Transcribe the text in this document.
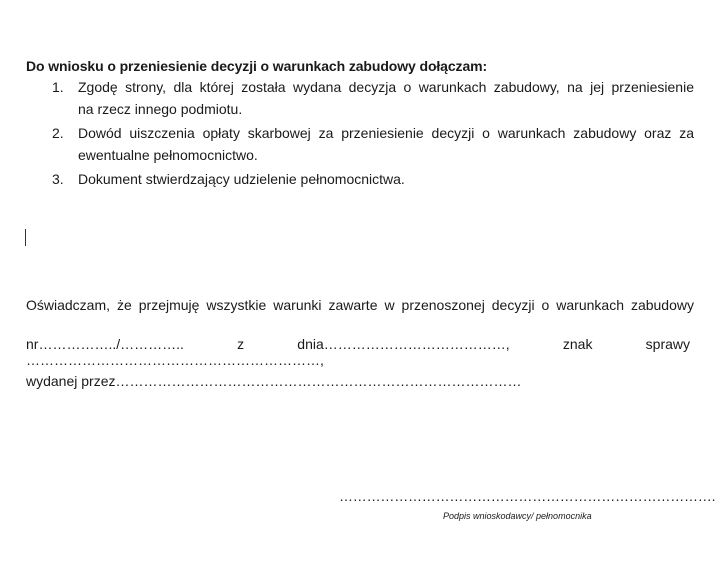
Do wniosku o przeniesienie decyzji o warunkach zabudowy dołączam:
1. Zgodę strony, dla której została wydana decyzja o warunkach zabudowy, na jej przeniesienie
na rzecz innego podmiotu.
2. Dowód uiszczenia opłaty skarbowej za przeniesienie decyzji o warunkach zabudowy oraz za
ewentualne pełnomocnictwo.
3. Dokument stwierdzający udzielenie pełnomocnictwa.
Oświadczam, że przejmuję wszystkie warunki zawarte w przenoszonej decyzji o warunkach zabudowy
nr……………../………….. z dnia…………………………………, znak sprawy ………………………………………………………,
wydanej przez……………………………………………………………………………
……………………………………………………………………….
Podpis wnioskodawcy/ pełnomocnika
